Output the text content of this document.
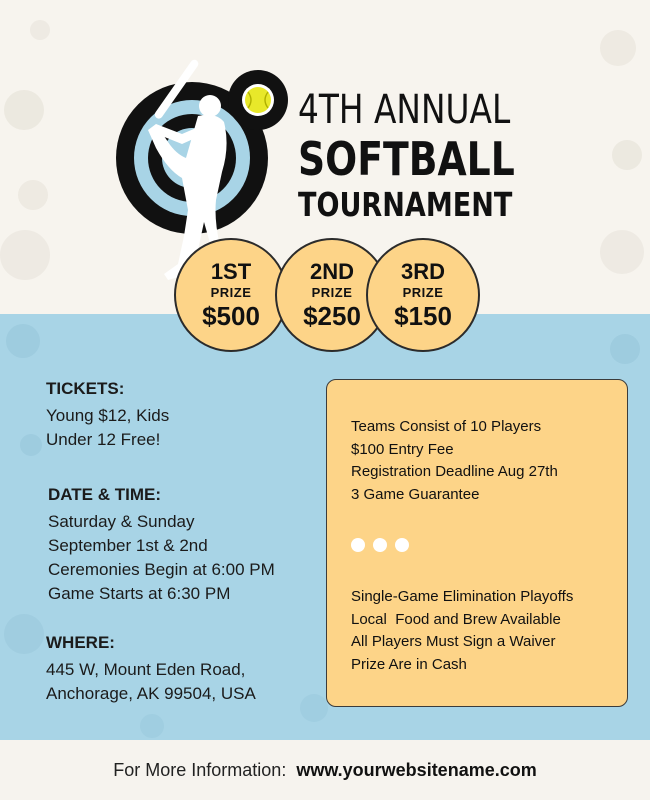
4TH ANNUAL
SOFTBALL
TOURNAMENT
1ST
PRIZE
$500
2ND
PRIZE
$250
3RD
PRIZE
$150
TICKETS:
Young $12, Kids
Under 12 Free!
DATE & TIME:
Saturday & Sunday
September 1st & 2nd
Ceremonies Begin at 6:00 PM
Game Starts at 6:30 PM
WHERE:
445 W, Mount Eden Road,
Anchorage, AK 99504, USA
Teams Consist of 10 Players
$100 Entry Fee
Registration Deadline Aug 27th
3 Game Guarantee
Single-Game Elimination Playoffs
Local  Food and Brew Available
All Players Must Sign a Waiver
Prize Are in Cash
For More Information: www.yourwebsitename.com
